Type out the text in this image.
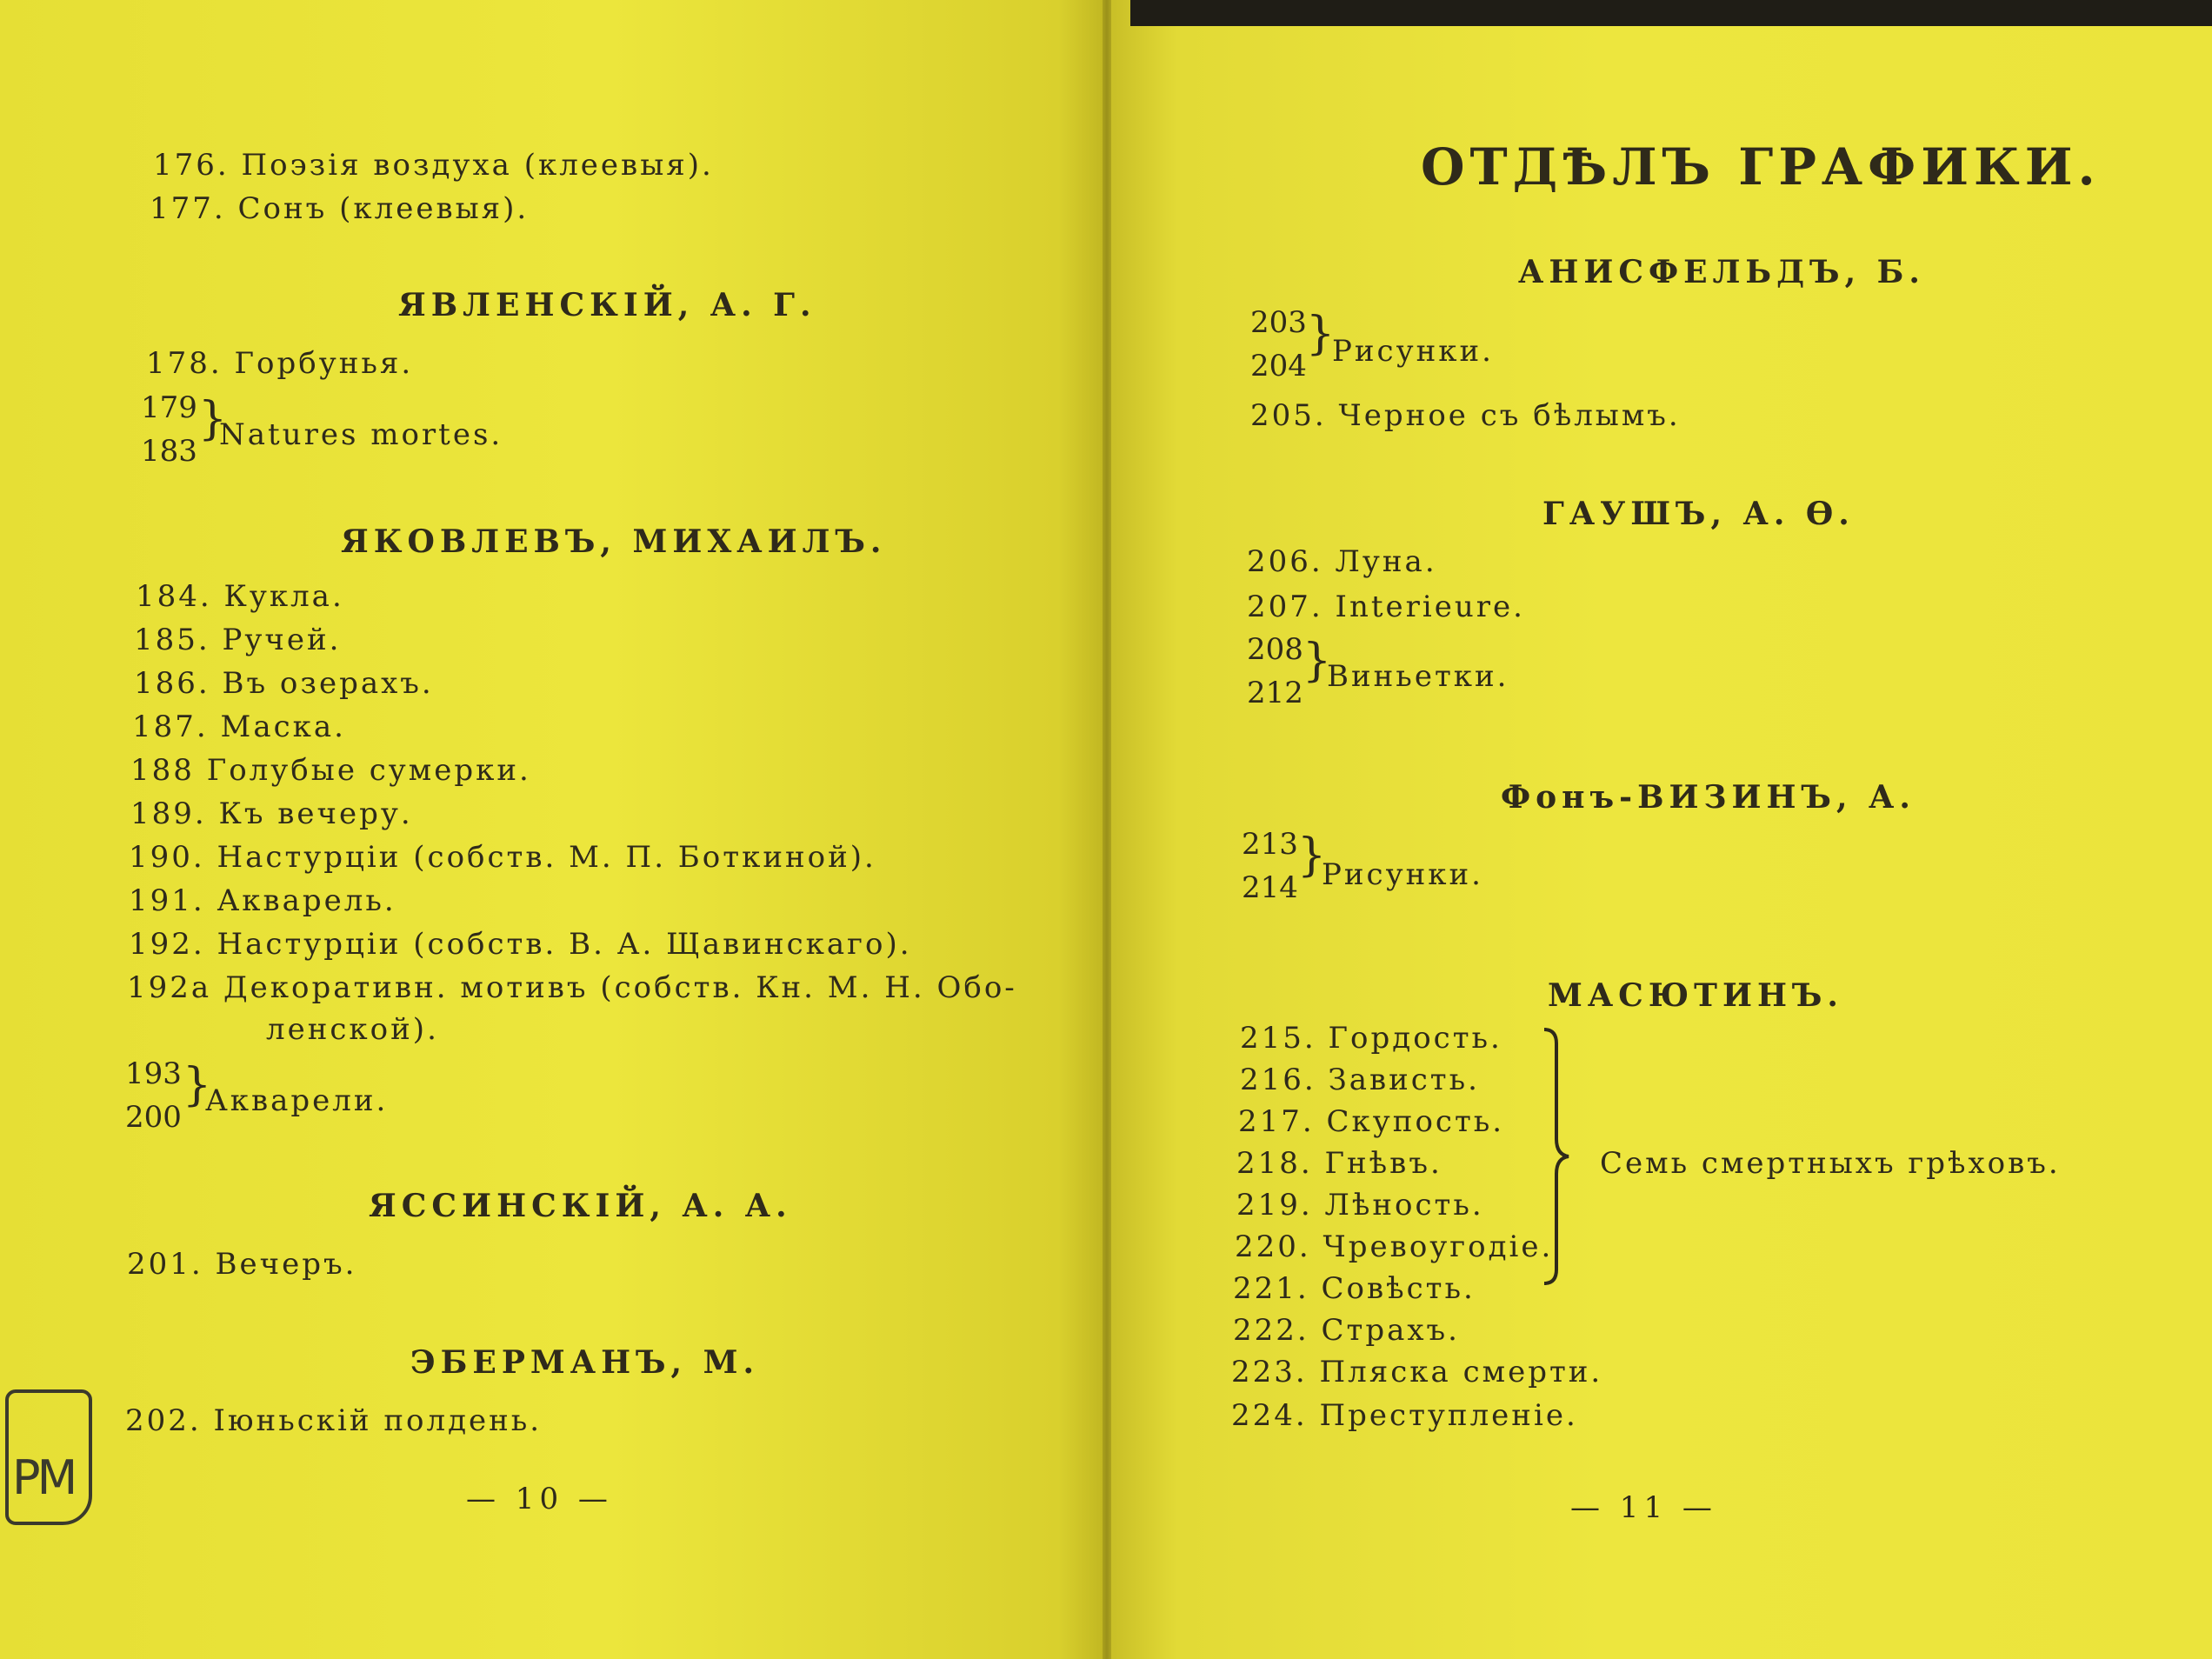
176. Поэзія воздуха (клеевыя).
177. Сонъ (клеевыя).
ЯВЛЕНСКІЙ, А. Г.
178. Горбунья.
179
183
}
Natures mortes.
ЯКОВЛЕВЪ, МИХАИЛЪ.
184. Кукла.
185. Ручей.
186. Въ озерахъ.
187. Маска.
188 Голубые сумерки.
189. Къ вечеру.
190. Настурціи (собств. М. П. Боткиной).
191. Акварель.
192. Настурціи (собств. В. А. Щавинскаго).
192а Декоративн. мотивъ (собств. Кн. М. Н. Обо-
ленской).
193
200
}
Акварели.
ЯССИНСКІЙ, А. А.
201. Вечеръ.
ЭБЕРМАНЪ, М.
202. Іюньскій полдень.
— 10 —
РМ
ОТДѢЛЪ ГРАФИКИ.
АНИСФЕЛЬДЪ, Б.
203
204
}
Рисунки.
205. Черное съ бѣлымъ.
ГАУШЪ, А. Ѳ.
206. Луна.
207. Interieure.
208
212
}
Виньетки.
Фонъ-ВИЗИНЪ, А.
213
214
}
Рисунки.
МАСЮТИНЪ.
215. Гордость.
216. Зависть.
217. Скупость.
218. Гнѣвъ.
219. Лѣность.
220. Чревоугодіе.
221. Совѣсть.
222. Страхъ.
223. Пляска смерти.
224. Преступленіе.
Семь смертныхъ грѣховъ.
— 11 —
